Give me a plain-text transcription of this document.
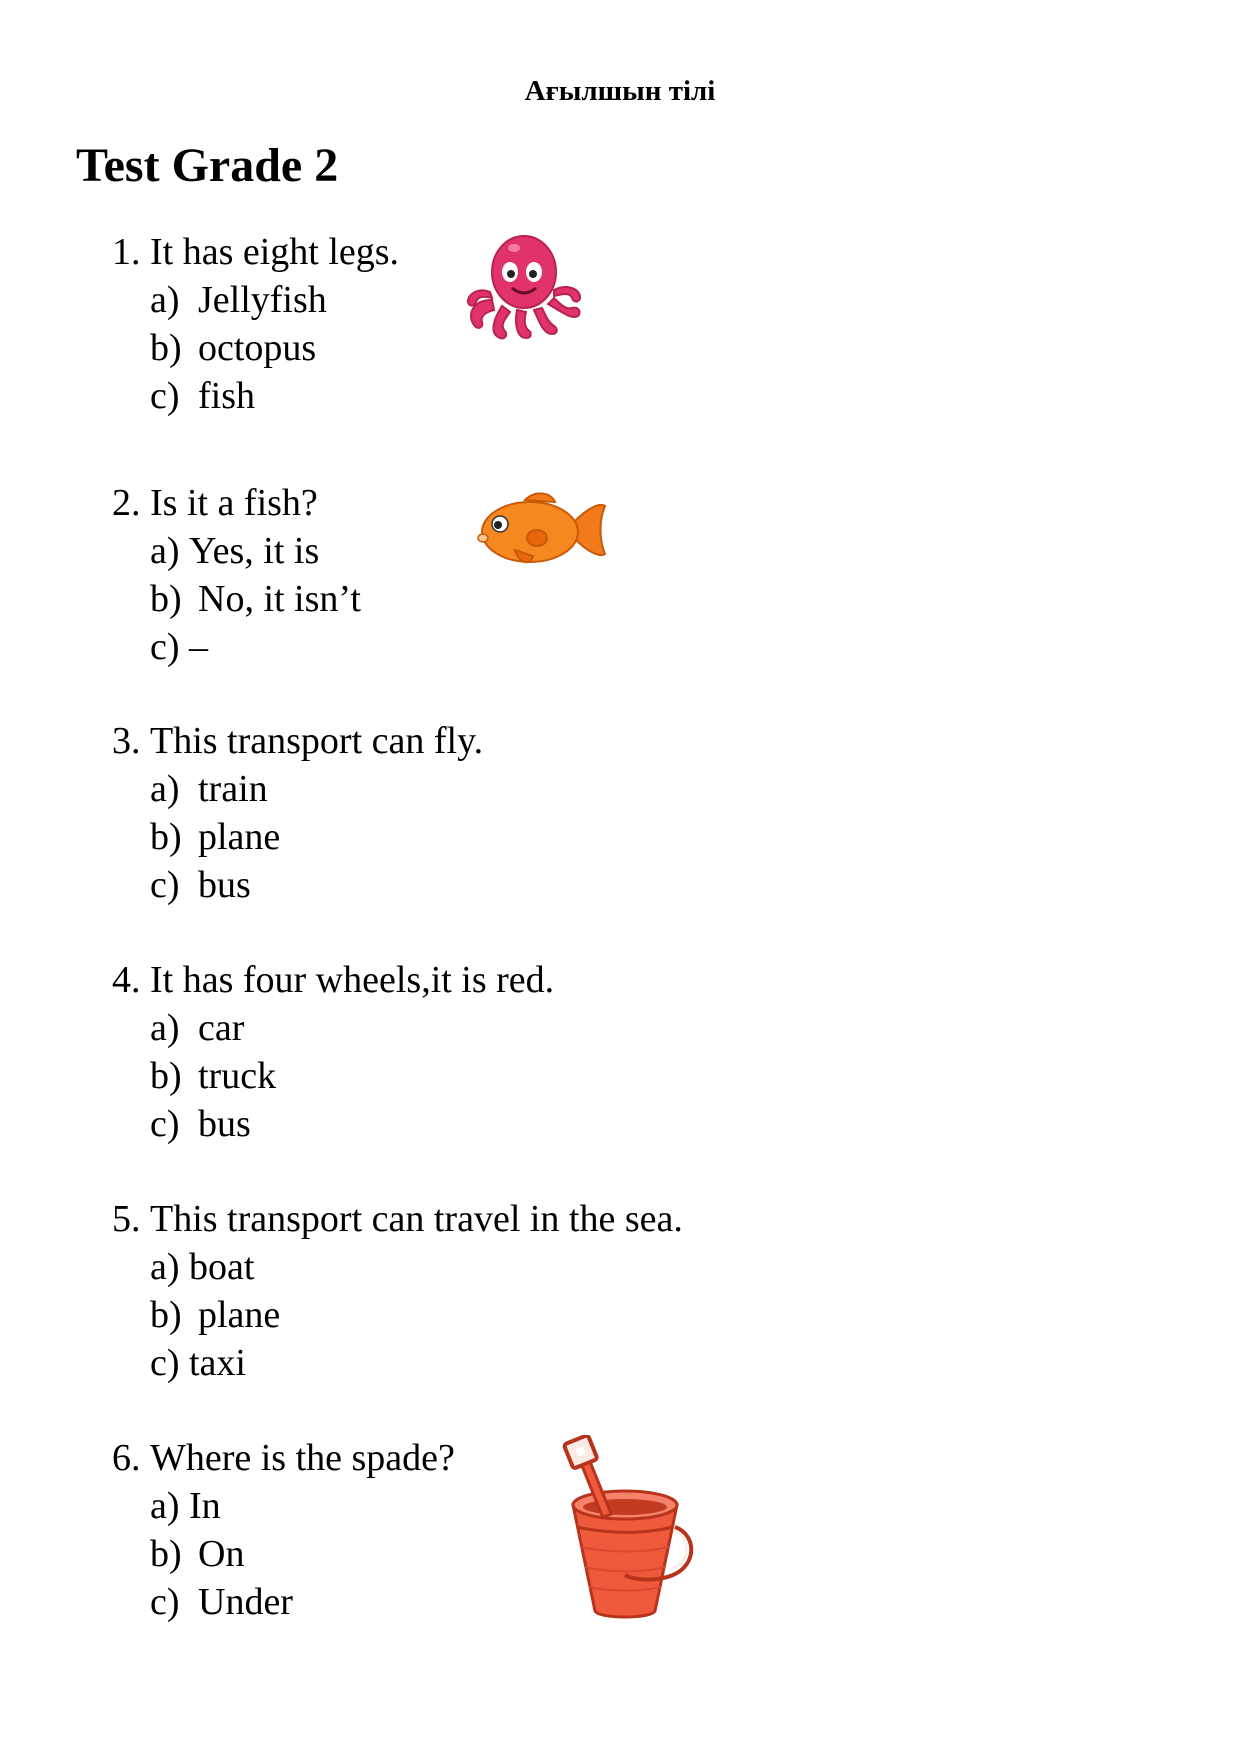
Ағылшын тілі
Test Grade 2
1. It has eight legs.
a) Jellyfish
b) octopus
c) fish
2. Is it a fish?
a) Yes, it is
b) No, it isn’t
c) –
3. This transport can fly.
a) train
b) plane
c) bus
4. It has four wheels,it is red.
a) car
b) truck
c) bus
5. This transport can travel in the sea.
a) boat
b) plane
c) taxi
6. Where is the spade?
a) In
b) On
c) Under
